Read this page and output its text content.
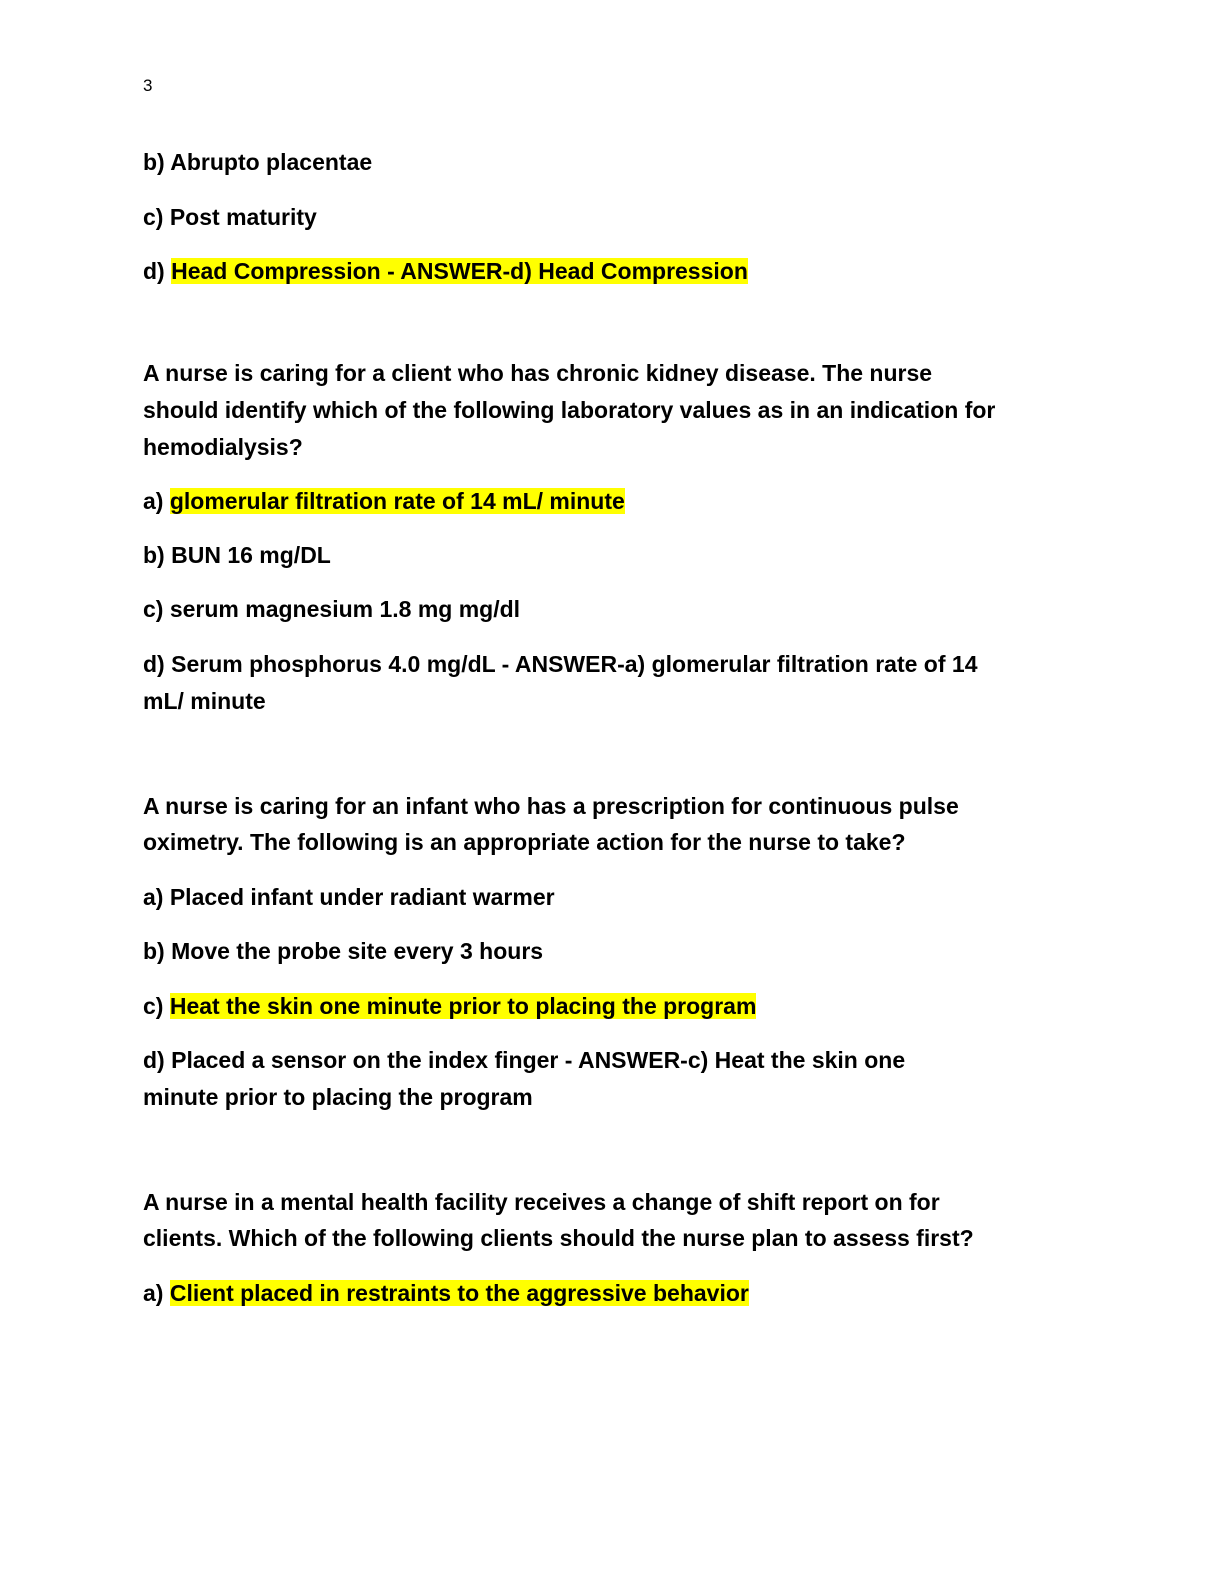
3
b) Abrupto placentae
c) Post maturity
d) Head Compression - ANSWER-d) Head Compression
A nurse is caring for a client who has chronic kidney disease. The nurse
should identify which of the following laboratory values as in an indication for
hemodialysis?
a) glomerular filtration rate of 14 mL/ minute
b) BUN 16 mg/DL
c) serum magnesium 1.8 mg mg/dl
d) Serum phosphorus 4.0 mg/dL - ANSWER-a) glomerular filtration rate of 14
mL/ minute
A nurse is caring for an infant who has a prescription for continuous pulse
oximetry. The following is an appropriate action for the nurse to take?
a) Placed infant under radiant warmer
b) Move the probe site every 3 hours
c) Heat the skin one minute prior to placing the program
d) Placed a sensor on the index finger - ANSWER-c) Heat the skin one
minute prior to placing the program
A nurse in a mental health facility receives a change of shift report on for
clients. Which of the following clients should the nurse plan to assess first?
a) Client placed in restraints to the aggressive behavior
